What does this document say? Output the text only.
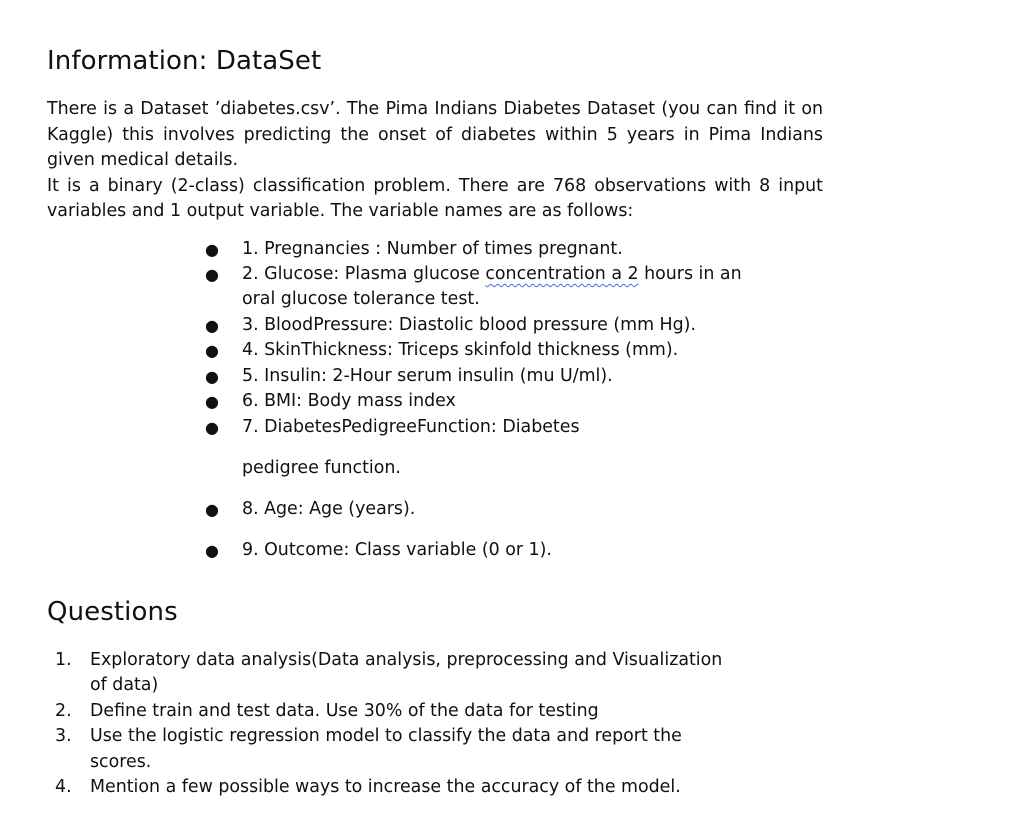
Information: DataSet

There is a Dataset ’diabetes.csv’. The Pima Indians Diabetes Dataset (you can find it on Kaggle) this involves predicting the onset of diabetes within 5 years in Pima Indians given medical details.

It is a binary (2-class) classification problem. There are 768 observations with 8 input variables and 1 output variable. The variable names are as follows:

●	1. Pregnancies : Number of times pregnant.
●	2. Glucose: Plasma glucose concentration a 2 hours in an
oral glucose tolerance test.
●	3. BloodPressure: Diastolic blood pressure (mm Hg).
●	4. SkinThickness: Triceps skinfold thickness (mm).
●	5. Insulin: 2-Hour serum insulin (mu U/ml).
●	6. BMI: Body mass index
●	7. DiabetesPedigreeFunction: Diabetes
pedigree function.
●	8. Age: Age (years).
●	9. Outcome: Class variable (0 or 1).
Questions
1.	Exploratory data analysis(Data analysis, preprocessing and Visualization
of data)
2.	Define train and test data. Use 30% of the data for testing
3.	Use the logistic regression model to classify the data and report the
scores.
4.	Mention a few possible ways to increase the accuracy of the model.
